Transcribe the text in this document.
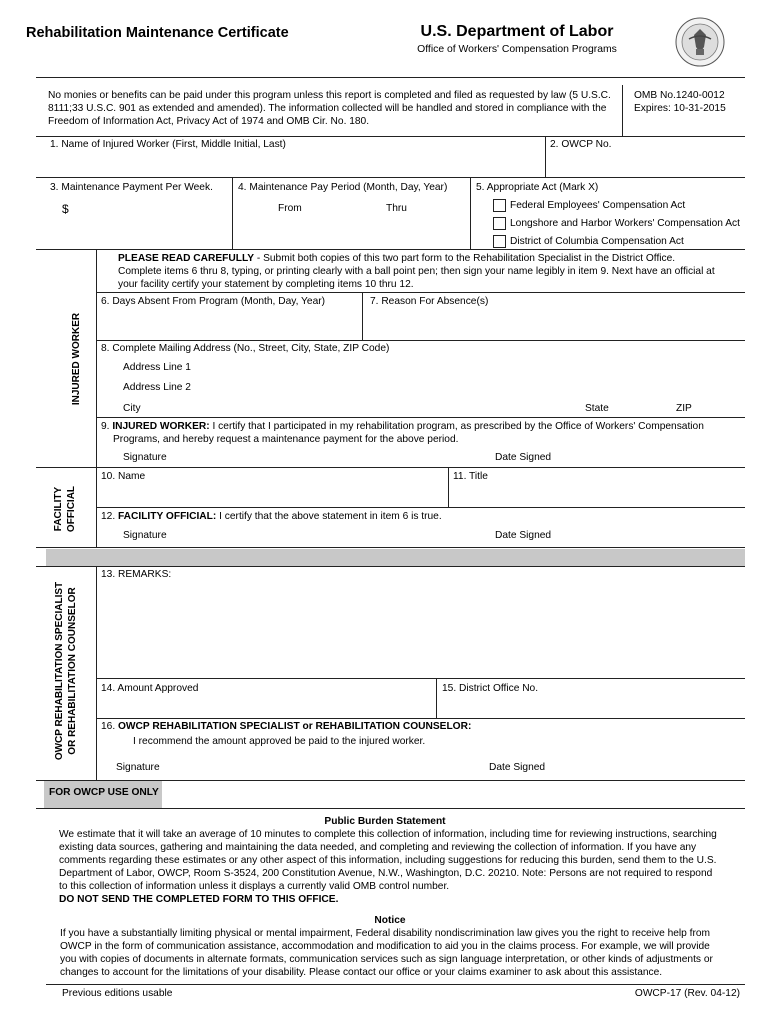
Rehabilitation Maintenance Certificate	U.S. Department of Labor
Office of Workers' Compensation Programs
No monies or benefits can be paid under this program unless this report is completed and filed as requested by law (5 U.S.C.
8111;33 U.S.C. 901 as extended and amended). The information collected will be handled and stored in compliance with the
Freedom of Information Act, Privacy Act of 1974 and OMB Cir. No. 180.
OMB No.1240-0012
Expires: 10-31-2015
1. Name of Injured Worker (First, Middle Initial, Last)	2. OWCP No.
3. Maintenance Payment Per Week.
$
4. Maintenance Pay Period (Month, Day, Year)
From	Thru
5. Appropriate Act (Mark X)
Federal Employees' Compensation Act
Longshore and Harbor Workers' Compensation Act
District of Columbia Compensation Act
INJURED WORKER
PLEASE READ CAREFULLY - Submit both copies of this two part form to the Rehabilitation Specialist in the District Office.
Complete items 6 thru 8, typing, or printing clearly with a ball point pen; then sign your name legibly in item 9. Next have an official at
your facility certify your statement by completing items 10 thru 12.
6. Days Absent From Program (Month, Day, Year)	7. Reason For Absence(s)
8. Complete Mailing Address (No., Street, City, State, ZIP Code)
Address Line 1
Address Line 2
City	State	ZIP
9. INJURED WORKER: I certify that I participated in my rehabilitation program, as prescribed by the Office of Workers' Compensation
Programs, and hereby request a maintenance payment for the above period.
Signature	Date Signed
FACILITY OFFICIAL
10. Name	11. Title
12. FACILITY OFFICIAL: I certify that the above statement in item 6 is true.
Signature	Date Signed
OWCP REHABILITATION SPECIALIST OR REHABILITATION COUNSELOR
13. REMARKS:
14. Amount Approved	15. District Office No.
16. OWCP REHABILITATION SPECIALIST or REHABILITATION COUNSELOR:
I recommend the amount approved be paid to the injured worker.
Signature	Date Signed
FOR OWCP USE ONLY
Public Burden Statement
We estimate that it will take an average of 10 minutes to complete this collection of information, including time for reviewing instructions, searching
existing data sources, gathering and maintaining the data needed, and completing and reviewing the collection of information. If you have any
comments regarding these estimates or any other aspect of this information, including suggestions for reducing this burden, send them to the U.S.
Department of Labor, OWCP, Room S-3524, 200 Constitution Avenue, N.W., Washington, D.C. 20210. Note: Persons are not required to respond
to this collection of information unless it displays a currently valid OMB control number.
DO NOT SEND THE COMPLETED FORM TO THIS OFFICE.
Notice
If you have a substantially limiting physical or mental impairment, Federal disability nondiscrimination law gives you the right to receive help from
OWCP in the form of communication assistance, accommodation and modification to aid you in the claims process. For example, we will provide
you with copies of documents in alternate formats, communication services such as sign language interpretation, or other kinds of adjustments or
changes to account for the limitations of your disability. Please contact our office or your claims examiner to ask about this assistance.
Previous editions usable	OWCP-17 (Rev. 04-12)
